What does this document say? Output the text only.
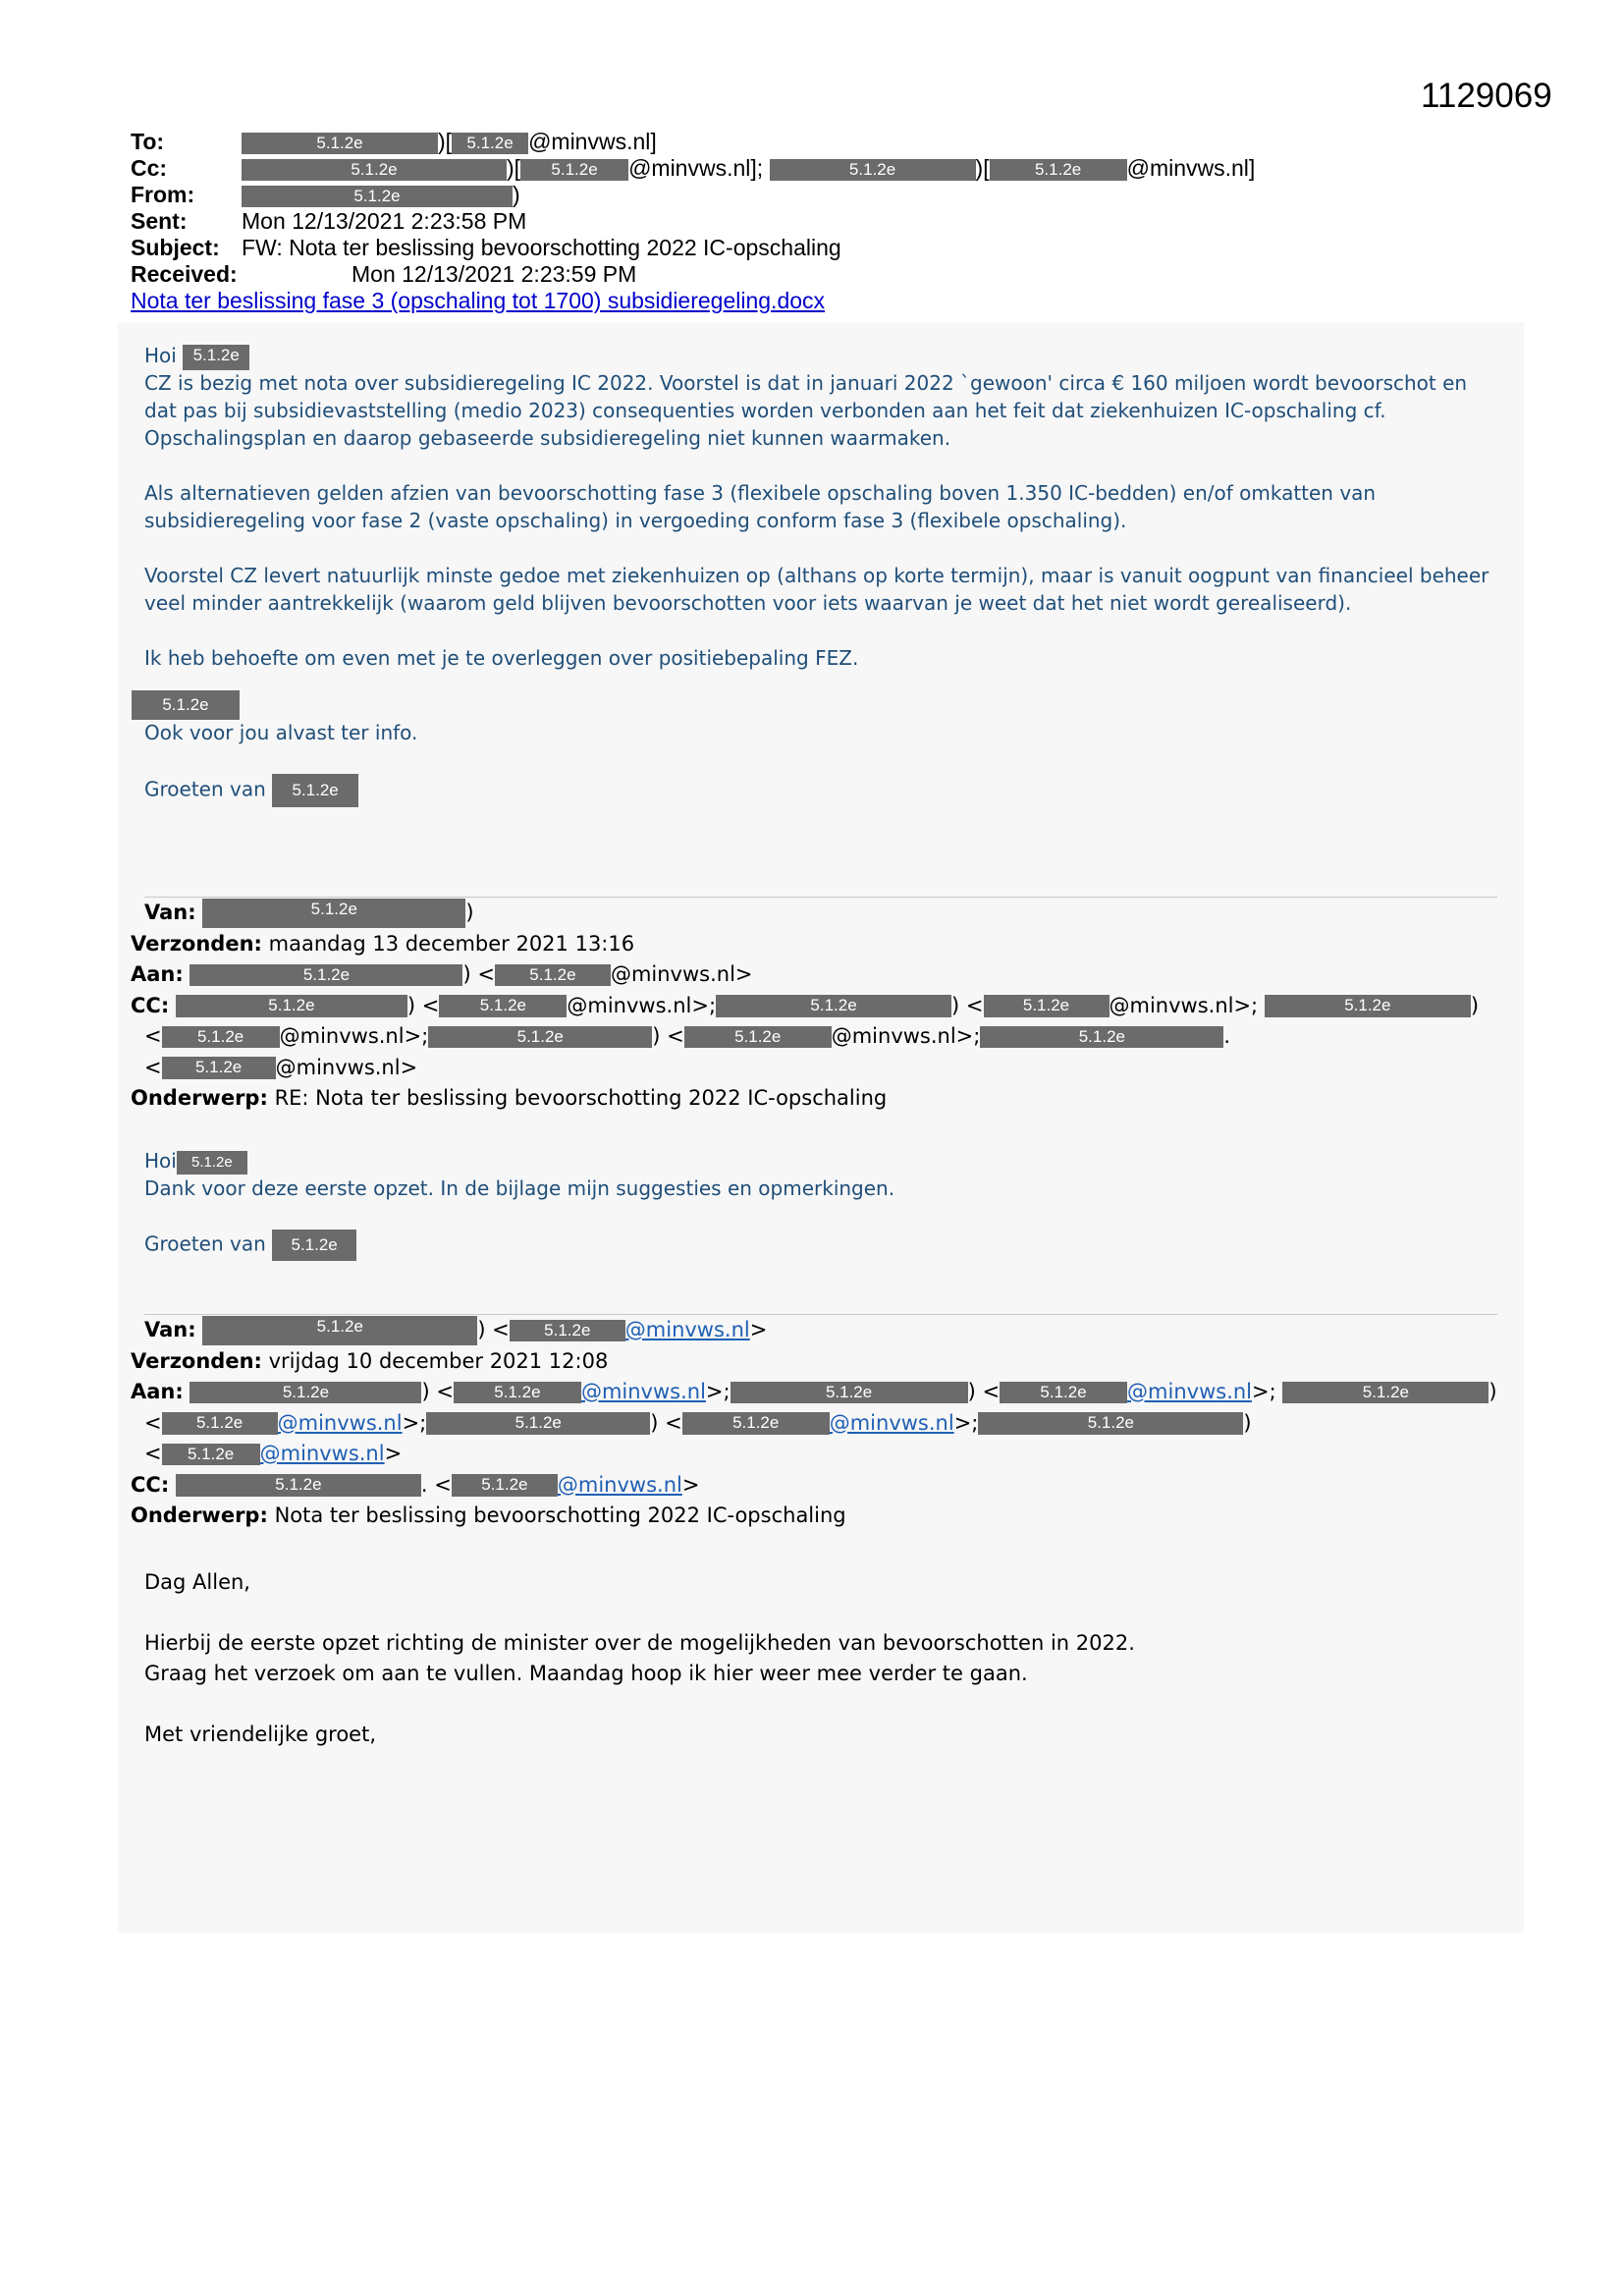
1129069
To:	5.1.2e	)[ 5.1.2e @minvws.nl]
Cc:	5.1.2e	)[ 5.1.2e @minvws.nl];	5.1.2e	)[	5.1.2e @minvws.nl]
From:	5.1.2e	)
Sent: Mon 12/13/2021 2:23:58 PM
Subject: FW: Nota ter beslissing bevoorschotting 2022 IC-opschaling
Received:	Mon 12/13/2021 2:23:59 PM
Nota ter beslissing fase 3 (opschaling tot 1700) subsidieregeling.docx
Hoi 5.1.2e

CZ is bezig met nota over subsidieregeling IC 2022. Voorstel is dat in januari 2022 `gewoon' circa € 160 miljoen wordt bevoorschot en dat pas bij subsidievaststelling (medio 2023) consequenties worden verbonden aan het feit dat ziekenhuizen IC-opschaling cf. Opschalingsplan en daarop gebaseerde subsidieregeling niet kunnen waarmaken.

Als alternatieven gelden afzien van bevoorschotting fase 3 (flexibele opschaling boven 1.350 IC-bedden) en/of omkatten van subsidieregeling voor fase 2 (vaste opschaling) in vergoeding conform fase 3 (flexibele opschaling).

Voorstel CZ levert natuurlijk minste gedoe met ziekenhuizen op (althans op korte termijn), maar is vanuit oogpunt van financieel beheer veel minder aantrekkelijk (waarom geld blijven bevoorschotten voor iets waarvan je weet dat het niet wordt gerealiseerd).

Ik heb behoefte om even met je te overleggen over positiebepaling FEZ.

5.1.2e

Ook voor jou alvast ter info.

Groeten van 5.1.2e
Van:	5.1.2e	)
Verzonden: maandag 13 december 2021 13:16
Aan:	5.1.2e	) < 5.1.2e @minvws.nl>
CC:	5.1.2e	) < 5.1.2e @minvws.nl>;	5.1.2e	) < 5.1.2e @minvws.nl>;	5.1.2e	)
< 5.1.2e @minvws.nl>;	5.1.2e	) <	5.1.2e @minvws.nl>;	5.1.2e	.
< 5.1.2e @minvws.nl>
Onderwerp: RE: Nota ter beslissing bevoorschotting 2022 IC-opschaling
Hoi 5.1.2e

Dank voor deze eerste opzet. In de bijlage mijn suggesties en opmerkingen.

Groeten van 5.1.2e
Van:	5.1.2e	) < 5.1.2e @minvws.nl>
Verzonden: vrijdag 10 december 2021 12:08
Aan:	5.1.2e	) < 5.1.2e @minvws.nl>;	5.1.2e	) < 5.1.2e @minvws.nl>;	5.1.2e	)
< 5.1.2e @minvws.nl>;	5.1.2e	) <	5.1.2e @minvws.nl>;	5.1.2e	)
< 5.1.2e @minvws.nl>
CC:	5.1.2e	. < 5.1.2e @minvws.nl>
Onderwerp: Nota ter beslissing bevoorschotting 2022 IC-opschaling
Dag Allen,
Hierbij de eerste opzet richting de minister over de mogelijkheden van bevoorschotten in 2022.
Graag het verzoek om aan te vullen. Maandag hoop ik hier weer mee verder te gaan.
Met vriendelijke groet,
